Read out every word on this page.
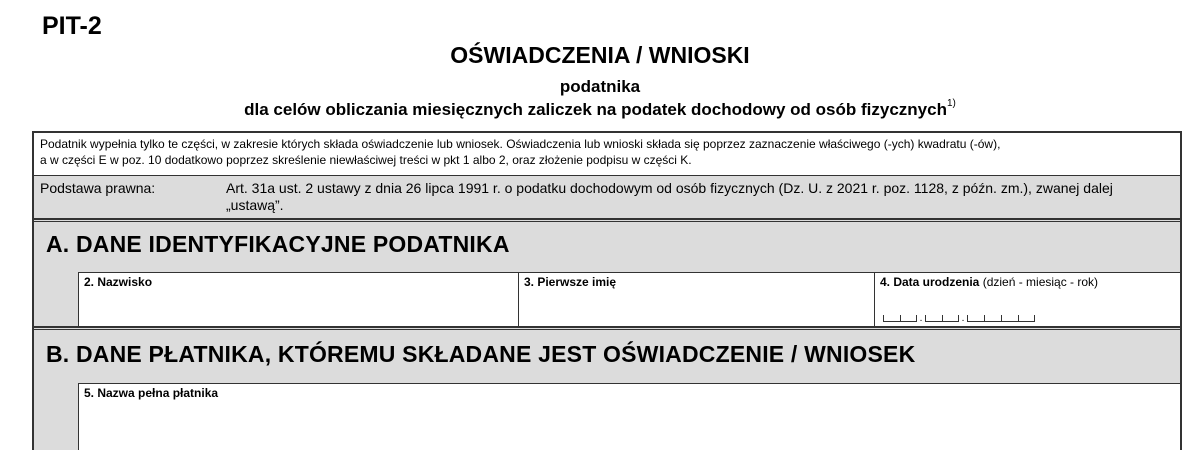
PIT-2
OŚWIADCZENIA / WNIOSKI
podatnika
dla celów obliczania miesięcznych zaliczek na podatek dochodowy od osób fizycznych$^{1)}$
Podatnik wypełnia tylko te części, w zakresie których składa oświadczenie lub wniosek. Oświadczenia lub wnioski składa się poprzez zaznaczenie właściwego (-ych) kwadratu (-ów),
a w części E w poz. 10 dodatkowo poprzez skreślenie niewłaściwej treści w pkt 1 albo 2, oraz złożenie podpisu w części K.
Podstawa prawna:	Art. 31a ust. 2 ustawy z dnia 26 lipca 1991 r. o podatku dochodowym od osób fizycznych (Dz. U. z 2021 r. poz. 1128, z późn. zm.), zwanej dalej „ustawą”.
A. DANE IDENTYFIKACYJNE PODATNIKA
2. Nazwisko	3. Pierwsze imię	4. Data urodzenia (dzień - miesiąc - rok)
.	.
B. DANE PŁATNIKA, KTÓREMU SKŁADANE JEST OŚWIADCZENIE / WNIOSEK
5. Nazwa pełna płatnika
